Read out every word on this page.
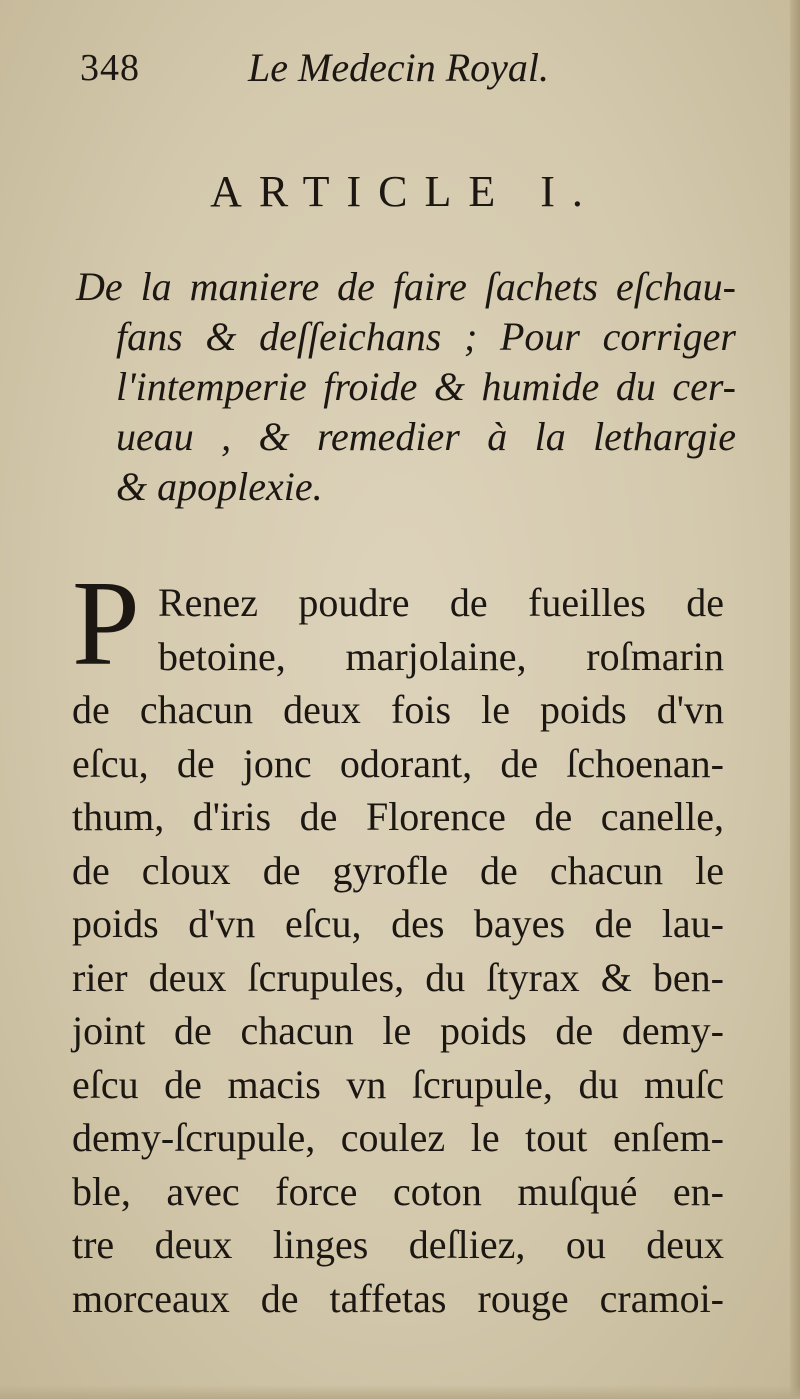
348	Le Medecin Royal.
ARTICLE I.
De la maniere de faire ſachets eſchau-
fans & deſſeichans ; Pour corriger
l'intemperie froide & humide du cer-
ueau , & remedier à la lethargie
& apoplexie.
P Renez poudre de fueilles de
betoine, marjolaine, roſmarin
de chacun deux fois le poids d'vn
eſcu, de jonc odorant, de ſchoenan-
thum, d'iris de Florence de canelle,
de cloux de gyrofle de chacun le
poids d'vn eſcu, des bayes de lau-
rier deux ſcrupules, du ſtyrax & ben-
joint de chacun le poids de demy-
eſcu de macis vn ſcrupule, du muſc
demy-ſcrupule, coulez le tout enſem-
ble, avec force coton muſqué en-
tre deux linges deſliez, ou deux
morceaux de taffetas rouge cramoi-
